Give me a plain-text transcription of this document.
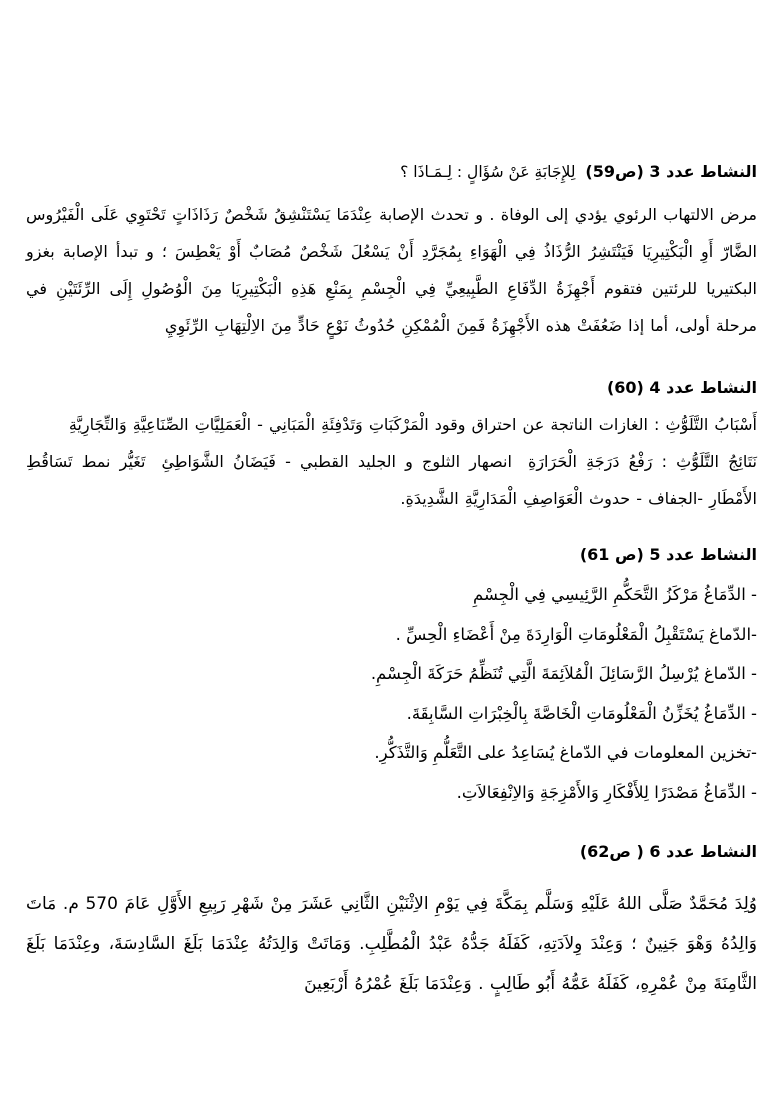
النشاط عدد 3 (ص59)
لِلإِجَابَةِ عَنْ سُؤَالٍ : لِـمَـاذَا ؟

مرض الالتهاب الرئوي يؤدي إلى الوفاة . و تحدث الإصابة عِنْدَمَا يَسْتَنْشِقُ شَخْصٌ رَذَاذَاتٍ تَحْتَوِي عَلَى الْفَيْرُوس الضَّارّ أَوِ الْبَكْتِيرِيَا فَيَنْتَشِرُ الرُّذَاذُ فِي الْهَوَاءِ بِمُجَرَّدِ أَنْ يَسْعُلَ شَخْصٌ مُصَابٌ أَوْ يَعْطِسَ ؛ و تبدأ الإصابة بغزو البكتيريا للرئتين فتقوم أَجْهِزَةُ الدِّفَاعِ الطَّبِيعِيِّ فِي الْجِسْمِ بِمَنْعِ هَذِهِ الْبَكْتِيرِيَا مِنَ الْوُصُولِ إِلَى الرِّئَتَيْنِ في مرحلة أولى، أما إذا ضَعُفَتْ هذه الأَجْهِزَةُ فَمِنَ الْمُمْكِنِ حُدُوثُ نَوْعٍ حَادٍّ مِنَ الاِلْتِهَابِ الرِّئَوِيِ

النشاط عدد 4 (60)

أَسْبَابُ التَّلَوُّثِ : الغازات الناتجة عن احتراق وقود الْمَرْكَبَاتِ وَتَدْفِئَةِ الْمَبَانِي - الْعَمَلِيَّاتِ الصِّنَاعِيَّةِ وَالتِّجَارِيَّةِ

نَتَائِجُ التَّلَوُّثِ : رَفْعُ دَرَجَةِ الْحَرَارَةِ انصهار الثلوج و الجليد القطبي - فَيَضَانُ الشَّوَاطِئِ تَغَيُّر نمط تَسَاقُطِ الأَمْطَارِ -الجفاف - حدوث الْعَوَاصِفِ الْمَدَارِيَّةِ الشَّدِيدَةِ.

النشاط عدد 5 (ص 61)
- الدِّمَاغُ مَرْكَزُ التَّحَكُّمِ الرَّئِيسِي فِي الْجِسْمِ
-الدّماغ يَسْتَقْبِلُ الْمَعْلُومَاتِ الْوَارِدَةَ مِنْ أَعْضَاءِ الْحِسِّ .
- الدّماغ يُرْسِلُ الرَّسَائِلَ الْمُلاَئِمَةَ الَّتِي تُنَظِّمُ حَرَكَةَ الْجِسْمِ.
- الدِّمَاغُ يُخَزِّنُ الْمَعْلُومَاتِ الْخَاصَّةَ بِالْخِبْرَاتِ السَّابِقَةَ.
-تخزين المعلومات في الدّماغ يُسَاعِدُ على التَّعَلُّمِ وَالتَّذَكُّرِ.
- الدِّمَاغُ مَصْدَرًا لِلأَفْكَارِ وَالأَمْزِجَةِ وَالاِنْفِعَالاَتِ.
النشاط عدد 6 ( ص62)

وُلِدَ مُحَمَّدٌ صَلَّى اللهُ عَلَيْهِ وَسَلَّم بِمَكَّةَ فِي يَوْمِ الاِثْنَيْنِ الثَّانِي عَشَرَ مِنْ شَهْرِ رَبِيعِ الأَوَّلِ عَامَ 570 م. مَاتَ وَالِدُهُ وَهْوَ جَنِينٌ ؛ وَعِنْدَ وِلاَدَتِهِ، كَفَلَهُ جَدُّهُ عَبْدُ الْمُطَّلِبِ. وَمَاتَتْ وَالِدَتُهُ عِنْدَمَا بَلَغَ السَّادِسَةَ، وعِنْدَمَا بَلَغَ الثَّامِنَةَ مِنْ عُمْرِهِ، كَفَلَهُ عَمُّهُ أَبُو طَالِبٍ . وَعِنْدَمَا بَلَغَ عُمْرُهُ أَرْبَعِينَ
